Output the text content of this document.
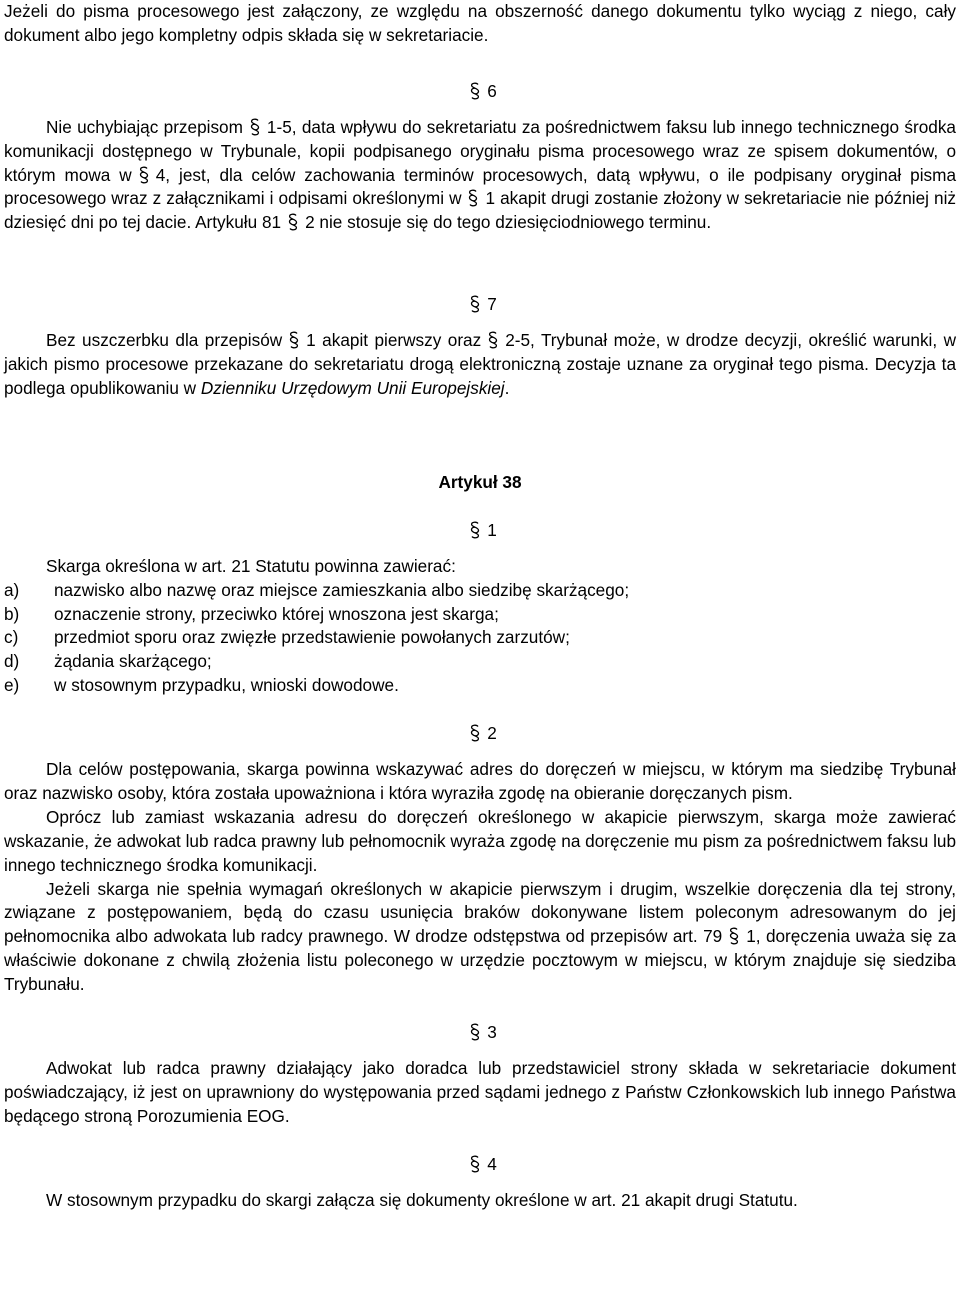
Jeżeli do pisma procesowego jest załączony, ze względu na obszerność danego dokumentu tylko wyciąg z niego, cały dokument albo jego kompletny odpis składa się w sekretariacie.

6

Nie uchybiając przepisom 1-5, data wpływu do sekretariatu za pośrednictwem faksu lub innego technicznego środka komunikacji dostępnego w Trybunale, kopii podpisanego oryginału pisma procesowego wraz ze spisem dokumentów, o którym mowa w 4, jest, dla celów zachowania terminów procesowych, datą wpływu, o ile podpisany oryginał pisma procesowego wraz z załącznikami i odpisami określonymi w 1 akapit drugi zostanie złożony w sekretariacie nie później niż dziesięć dni po tej dacie. Artykułu 81 2 nie stosuje się do tego dziesięciodniowego terminu.

7

Bez uszczerbku dla przepisów 1 akapit pierwszy oraz 2-5, Trybunał może, w drodze decyzji, określić warunki, w jakich pismo procesowe przekazane do sekretariatu drogą elektroniczną zostaje uznane za oryginał tego pisma. Decyzja ta podlega opublikowaniu w Dzienniku Urzędowym Unii Europejskiej.

Artykuł 38
1

Skarga określona w art. 21 Statutu powinna zawierać:

a) nazwisko albo nazwę oraz miejsce zamieszkania albo siedzibę skarżącego;
b) oznaczenie strony, przeciwko której wnoszona jest skarga;
c) przedmiot sporu oraz zwięzłe przedstawienie powołanych zarzutów;
d) żądania skarżącego;
e) w stosownym przypadku, wnioski dowodowe.
2

Dla celów postępowania, skarga powinna wskazywać adres do doręczeń w miejscu, w którym ma siedzibę Trybunał oraz nazwisko osoby, która została upoważniona i która wyraziła zgodę na obieranie doręczanych pism.

Oprócz lub zamiast wskazania adresu do doręczeń określonego w akapicie pierwszym, skarga może zawierać wskazanie, że adwokat lub radca prawny lub pełnomocnik wyraża zgodę na doręczenie mu pism za pośrednictwem faksu lub innego technicznego środka komunikacji.

Jeżeli skarga nie spełnia wymagań określonych w akapicie pierwszym i drugim, wszelkie doręczenia dla tej strony, związane z postępowaniem, będą do czasu usunięcia braków dokonywane listem poleconym adresowanym do jej pełnomocnika albo adwokata lub radcy prawnego. W drodze odstępstwa od przepisów art. 79 1, doręczenia uważa się za właściwie dokonane z chwilą złożenia listu poleconego w urzędzie pocztowym w miejscu, w którym znajduje się siedziba Trybunału.

3

Adwokat lub radca prawny działający jako doradca lub przedstawiciel strony składa w sekretariacie dokument poświadczający, iż jest on uprawniony do występowania przed sądami jednego z Państw Członkowskich lub innego Państwa będącego stroną Porozumienia EOG.

4

W stosownym przypadku do skargi załącza się dokumenty określone w art. 21 akapit drugi Statutu.
